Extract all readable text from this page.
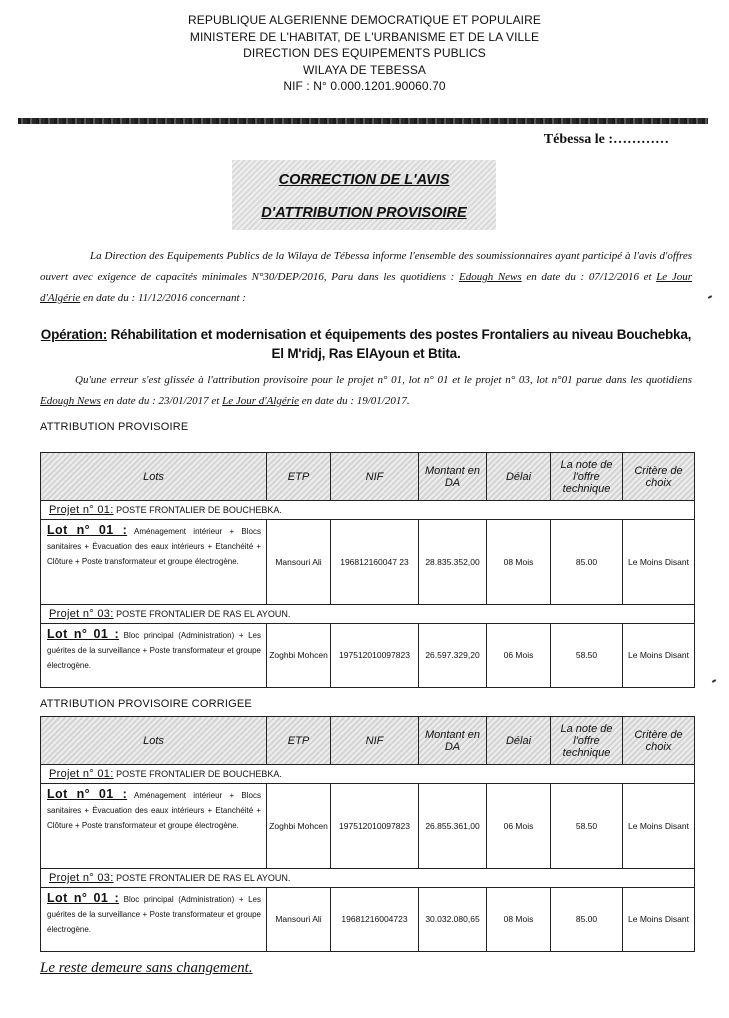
REPUBLIQUE ALGERIENNE DEMOCRATIQUE ET POPULAIRE
MINISTERE DE L'HABITAT, DE L'URBANISME ET DE LA VILLE
DIRECTION DES EQUIPEMENTS PUBLICS
WILAYA DE TEBESSA
NIF : N° 0.000.1201.90060.70
Tébessa le :…………
CORRECTION DE L'AVIS
D'ATTRIBUTION PROVISOIRE
La Direction des Equipements Publics de la Wilaya de Tébessa informe l'ensemble des soumissionnaires ayant participé à l'avis d'offres ouvert avec exigence de capacités minimales N°30/DEP/2016, Paru dans les quotidiens : Edough News en date du : 07/12/2016 et Le Jour d'Algérie en date du : 11/12/2016 concernant :
Opération: Réhabilitation et modernisation et équipements des postes Frontaliers au niveau Bouchebka, El M'ridj, Ras ElAyoun et Btita.
Qu'une erreur s'est glissée à l'attribution provisoire pour le projet n° 01, lot n° 01 et le projet n° 03, lot n°01 parue dans les quotidiens Edough News en date du : 23/01/2017 et Le Jour d'Algérie en date du : 19/01/2017.
ATTRIBUTION PROVISOIRE
Lots	ETP	NIF	Montant en DA	Délai	La note de l'offre technique	Critère de choix
Projet n° 01: POSTE FRONTALIER DE BOUCHEBKA.						
Lot n° 01 : Aménagement intérieur + Blocs sanitaires + Évacuation des eaux intérieurs + Etanchéité + Clôture + Poste transformateur et groupe électrogène.	Mansouri Ali	196812160047 23	28.835.352,00	08 Mois	85.00	Le Moins Disant
Projet n° 03: POSTE FRONTALIER DE RAS EL AYOUN.						
Lot n° 01 : Bloc principal (Administration) + Les guérites de la surveillance + Poste transformateur et groupe électrogène.	Zoghbi Mohcen	197512010097823	26.597.329,20	06 Mois	58.50	Le Moins Disant
ATTRIBUTION PROVISOIRE CORRIGEE
Lots	ETP	NIF	Montant en DA	Délai	La note de l'offre technique	Critère de choix
Projet n° 01: POSTE FRONTALIER DE BOUCHEBKA.						
Lot n° 01 : Aménagement intérieur + Blocs sanitaires + Évacuation des eaux intérieurs + Etanchéité + Clôture + Poste transformateur et groupe électrogène.	Zoghbi Mohcen	197512010097823	26.855.361,00	06 Mois	58.50	Le Moins Disant
Projet n° 03: POSTE FRONTALIER DE RAS EL AYOUN.						
Lot n° 01 : Bloc principal (Administration) + Les guérites de la surveillance + Poste transformateur et groupe électrogène.	Mansouri Ali	19681216004723	30.032.080,65	08 Mois	85.00	Le Moins Disant
Le reste demeure sans changement.
